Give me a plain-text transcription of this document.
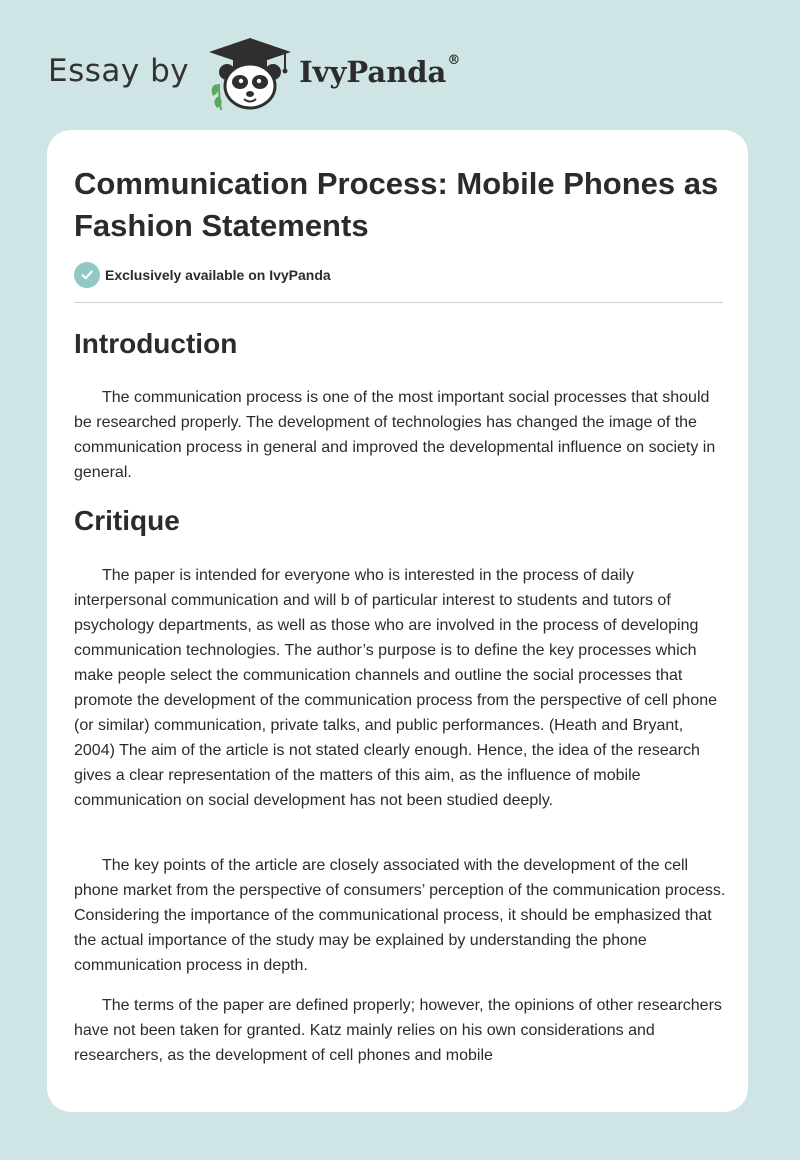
Essay by	IvyPanda®
Communication Process: Mobile Phones as Fashion Statements
Exclusively available on IvyPanda
Introduction

The communication process is one of the most important social processes that should be researched properly. The development of technologies has changed the image of the communication process in general and improved the developmental influence on society in general.

Critique

The paper is intended for everyone who is interested in the process of daily interpersonal communication and will b of particular interest to students and tutors of psychology departments, as well as those who are involved in the process of developing communication technologies. The author’s purpose is to define the key processes which make people select the communication channels and outline the social processes that promote the development of the communication process from the perspective of cell phone (or similar) communication, private talks, and public performances. (Heath and Bryant, 2004) The aim of the article is not stated clearly enough. Hence, the idea of the research gives a clear representation of the matters of this aim, as the influence of mobile communication on social development has not been studied deeply.

The key points of the article are closely associated with the development of the cell phone market from the perspective of consumers’ perception of the communication process. Considering the importance of the communicational process, it should be emphasized that the actual importance of the study may be explained by understanding the phone communication process in depth.

The terms of the paper are defined properly; however, the opinions of other researchers have not been taken for granted. Katz mainly relies on his own considerations and researchers, as the development of cell phones and mobile
